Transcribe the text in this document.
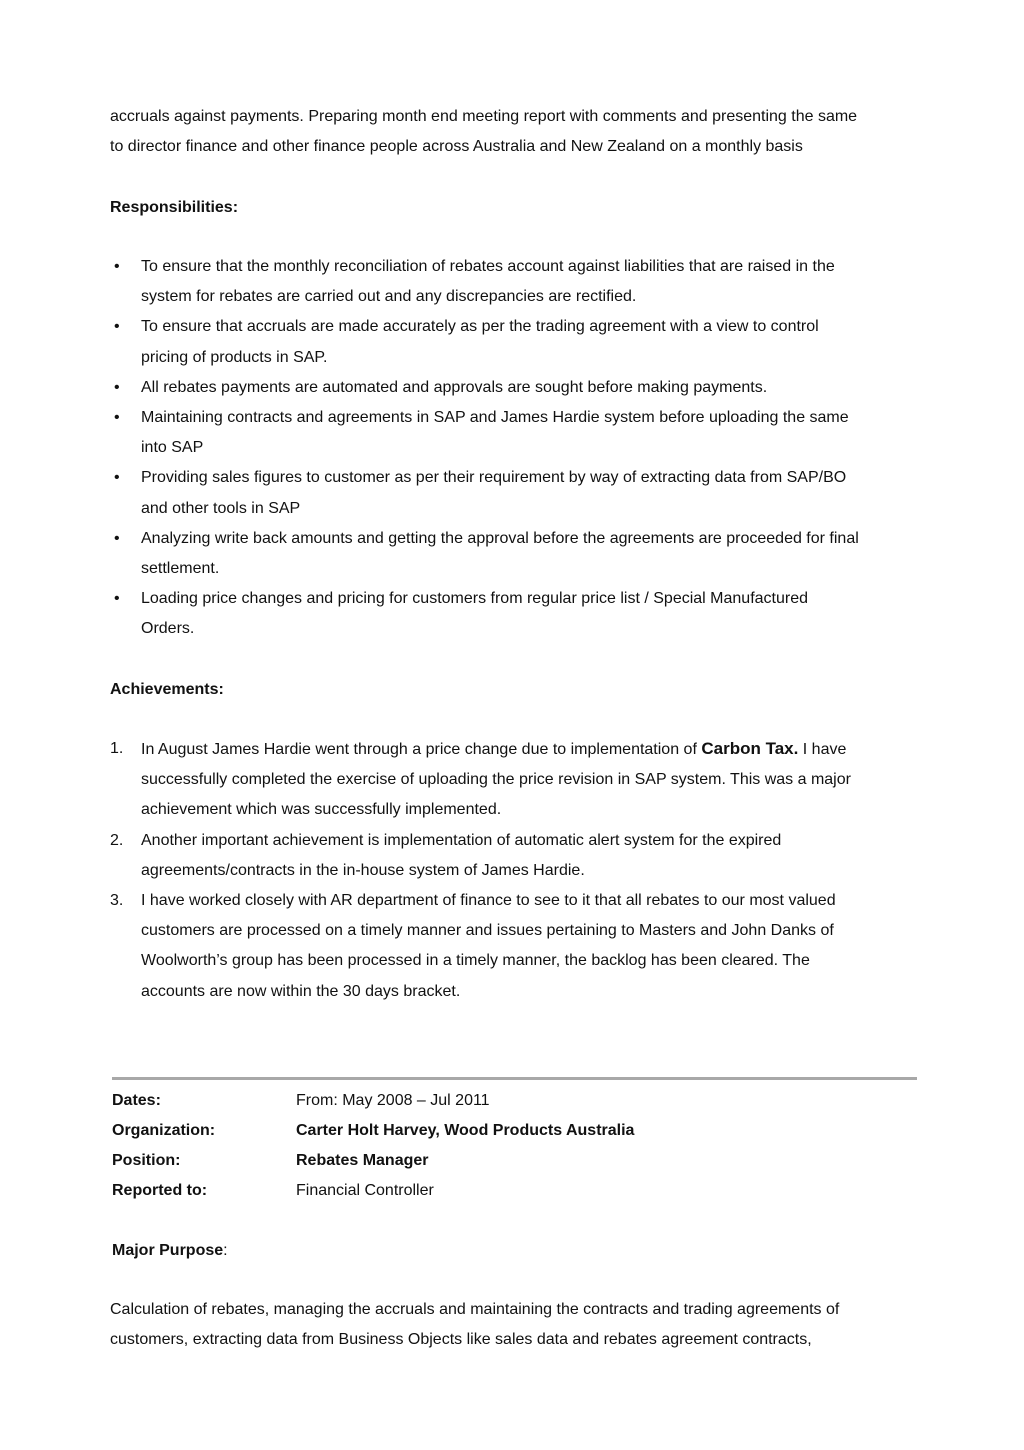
accruals against payments. Preparing month end meeting report with comments and presenting the same
to director finance and other finance people across Australia and New Zealand on a monthly basis

Responsibilities:
• To ensure that the monthly reconciliation of rebates account against liabilities that are raised in the
system for rebates are carried out and any discrepancies are rectified.
• To ensure that accruals are made accurately as per the trading agreement with a view to control
pricing of products in SAP.
• All rebates payments are automated and approvals are sought before making payments.
• Maintaining contracts and agreements in SAP and James Hardie system before uploading the same
into SAP
• Providing sales figures to customer as per their requirement by way of extracting data from SAP/BO
and other tools in SAP
• Analyzing write back amounts and getting the approval before the agreements are proceeded for final
settlement.
• Loading price changes and pricing for customers from regular price list / Special Manufactured
Orders.
Achievements:
1. In August James Hardie went through a price change due to implementation of Carbon Tax. I have
successfully completed the exercise of uploading the price revision in SAP system. This was a major
achievement which was successfully implemented.
2. Another important achievement is implementation of automatic alert system for the expired
agreements/contracts in the in-house system of James Hardie.
3. I have worked closely with AR department of finance to see to it that all rebates to our most valued
customers are processed on a timely manner and issues pertaining to Masters and John Danks of
Woolworth’s group has been processed in a timely manner, the backlog has been cleared. The
accounts are now within the 30 days bracket.
Dates:	From: May 2008 – Jul 2011
Organization:	Carter Holt Harvey, Wood Products Australia
Position:	Rebates Manager
Reported to:	Financial Controller

Major Purpose:

Calculation of rebates, managing the accruals and maintaining the contracts and trading agreements of
customers, extracting data from Business Objects like sales data and rebates agreement contracts,
